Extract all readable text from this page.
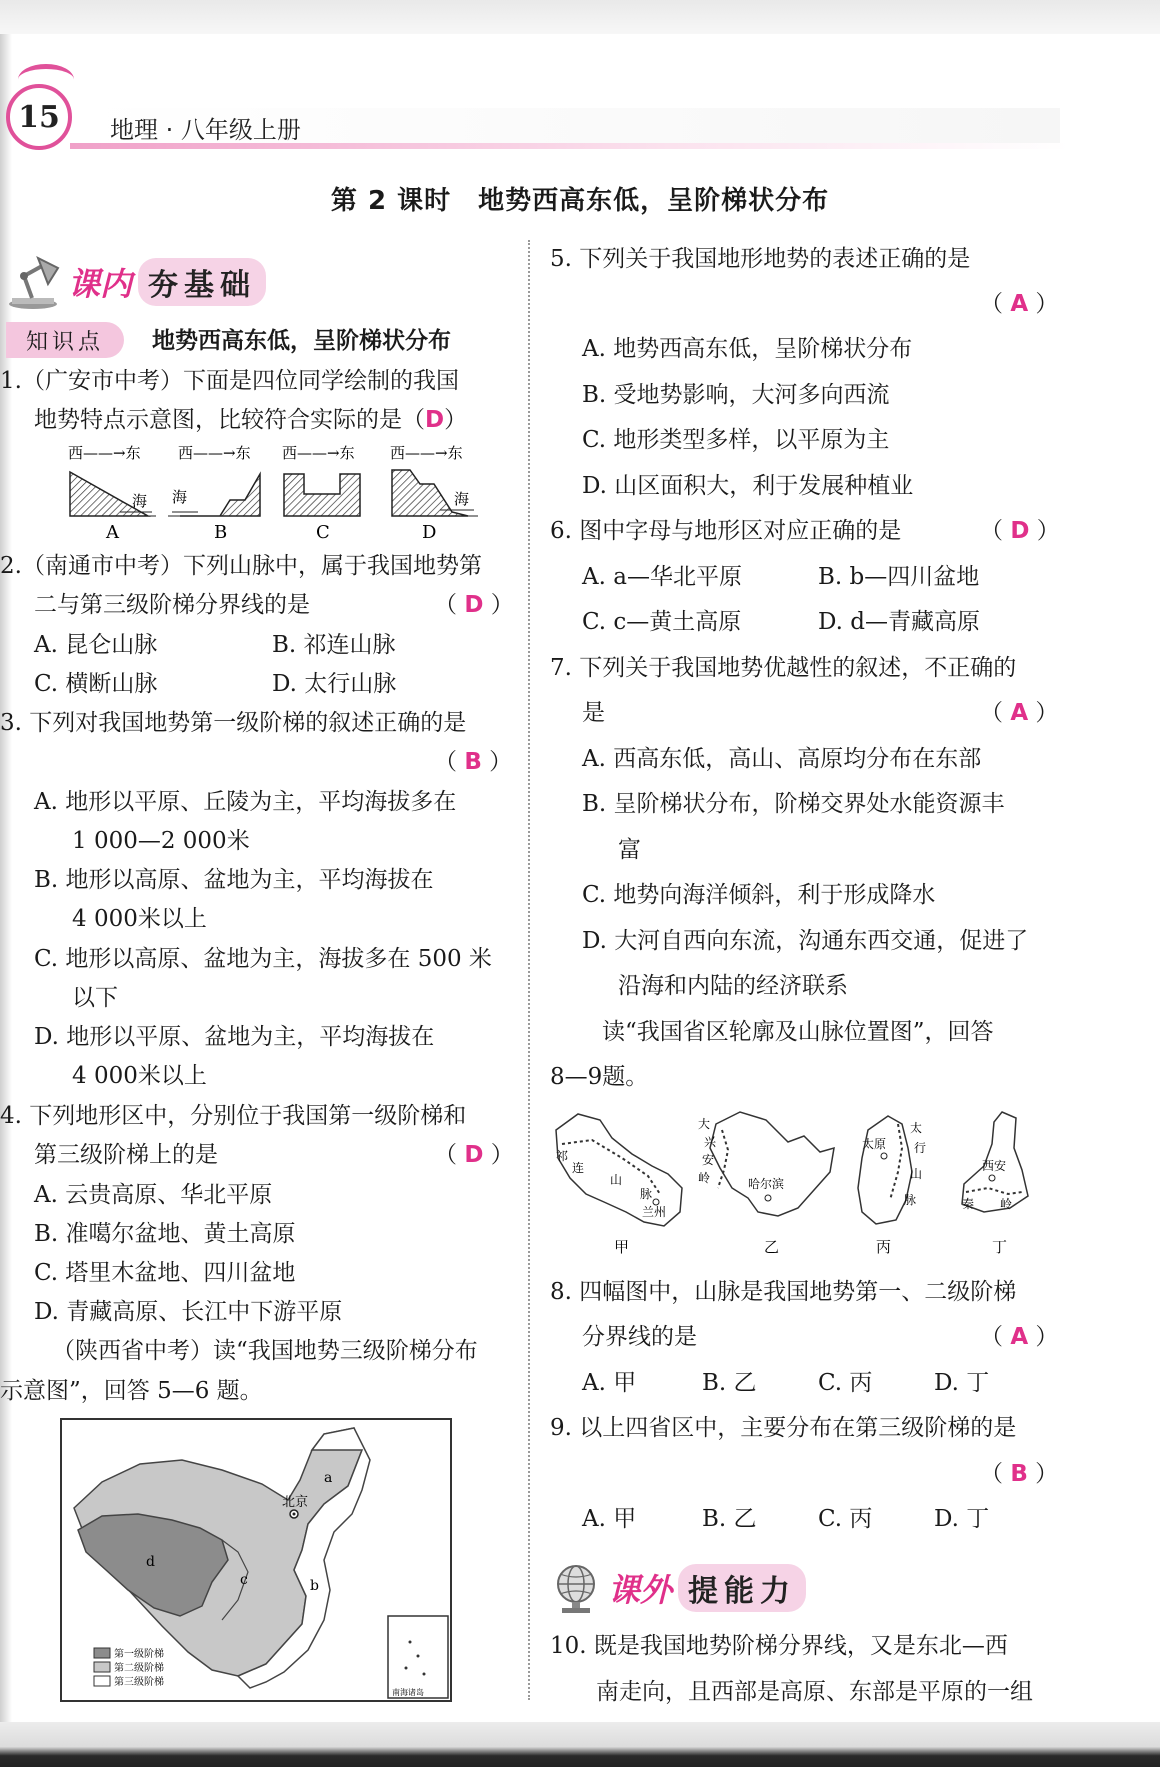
15	地理 · 八年级上册
第 2 课时　地势西高东低，呈阶梯状分布
课内 夯基础
知识点	地势西高东低，呈阶梯状分布
1.（广安市中考）下面是四位同学绘制的我国
地势特点示意图，比较符合实际的是（D）
西——→东
海
A
西——→东
海
B
西——→东
C
西——→东
海
D
2.（南通市中考）下列山脉中，属于我国地势第
二与第三级阶梯分界线的是	（ D ）
A. 昆仑山脉	B. 祁连山脉
C. 横断山脉	D. 太行山脉
3. 下列对我国地势第一级阶梯的叙述正确的是
（ B ）
A. 地形以平原、丘陵为主，平均海拔多在
1 000—2 000米
B. 地形以高原、盆地为主，平均海拔在
4 000米以上
C. 地形以高原、盆地为主，海拔多在 500 米
以下
D. 地形以平原、盆地为主，平均海拔在
4 000米以上
4. 下列地形区中，分别位于我国第一级阶梯和
第三级阶梯上的是	（ D ）
A. 云贵高原、华北平原
B. 准噶尔盆地、黄土高原
C. 塔里木盆地、四川盆地
D. 青藏高原、长江中下游平原
（陕西省中考）读“我国地势三级阶梯分布
示意图”，回答 5—6 题。
北京
a
b
c
d
第一级阶梯
第二级阶梯
第三级阶梯
南海诸岛
5. 下列关于我国地形地势的表述正确的是
（ A ）
A. 地势西高东低，呈阶梯状分布
B. 受地势影响，大河多向西流
C. 地形类型多样，以平原为主
D. 山区面积大，利于发展种植业
6. 图中字母与地形区对应正确的是	（ D ）
A. a—华北平原	B. b—四川盆地
C. c—黄土高原	D. d—青藏高原
7. 下列关于我国地势优越性的叙述，不正确的
是	（ A ）
A. 西高东低，高山、高原均分布在东部
B. 呈阶梯状分布，阶梯交界处水能资源丰
富
C. 地势向海洋倾斜，利于形成降水
D. 大河自西向东流，沟通东西交通，促进了
沿海和内陆的经济联系
读“我国省区轮廓及山脉位置图”，回答
8—9题。
祁
连
山
脉
兰州
甲
大
兴
安
岭	哈尔滨
乙
太
行
山
脉
太原
丙
西安
秦 岭
丁
8. 四幅图中，山脉是我国地势第一、二级阶梯
分界线的是	（ A ）
A. 甲	B. 乙	C. 丙	D. 丁
9. 以上四省区中，主要分布在第三级阶梯的是
（ B ）
A. 甲	B. 乙	C. 丙	D. 丁
课外 提能力
10. 既是我国地势阶梯分界线，又是东北—西
南走向，且西部是高原、东部是平原的一组
